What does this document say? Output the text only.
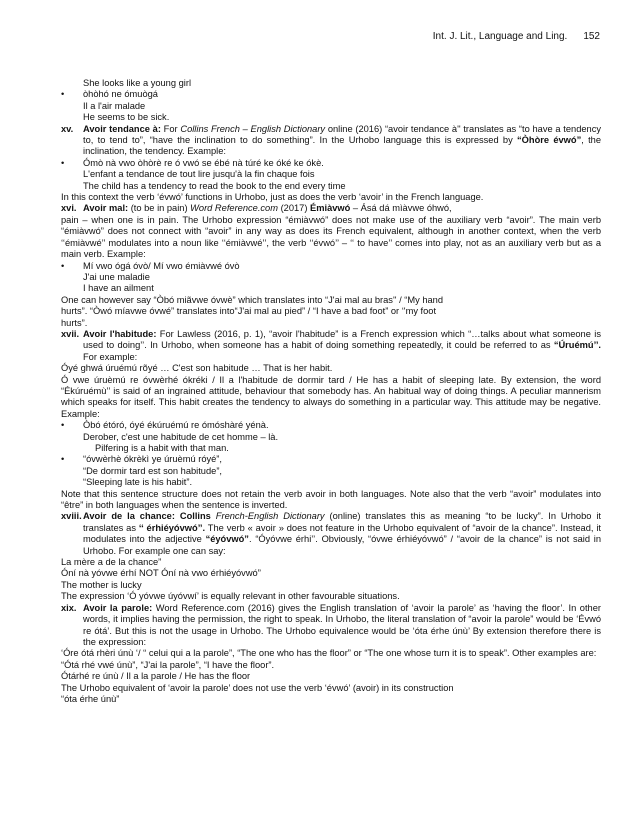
Int. J. Lit., Language and Ling. 152

She looks like a young girl

• òhòhó ne ómuògá

Il a l'air malade

He seems to be sick.

xv.	Avoir tendance à: For Collins French – English Dictionary online (2016) “avoir tendance à'' translates as “to have a tendency to, to tend to”, “have the inclination to do something”. In the Urhobo language this is expressed by “Òhòre évwó”, the inclination, the tendency. Example:

• Ómò nà vwo òhòrè re ó vwó se ébé nà túré ke óké ke ókè.

L'enfant a tendance de tout lire jusqu'à la fin chaque fois

The child has a tendency to read the book to the end every time

In this context the verb ‘évwó’ functions in Urhobo, just as does the verb ‘avoir’ in the French language.

xvi. Avoir mal: (to be in pain) Word Reference.com (2017) Émiàvwó – Ásá dá mìàvwe óhwó,

pain – when one is in pain. The Urhobo expression “émiàvwó” does not make use of the auxiliary verb “avoir”. The main verb “émiàvwó” does not connect with “avoir” in any way as does its French equivalent, although in another context, when the verb ‘‘émiàvwé’’ modulates into a noun like ‘‘émiàvwé’’, the verb ‘‘évwó’’ – ‘‘ to have’’ comes into play, not as an auxiliary verb but as a main verb. Example:

• Mí vwo ógá óvò/ Mí vwo émiàvwé óvò

J'ai une maladie

I have an ailment

One can however say “Òbó miãvwe óvwè” which translates into “J'ai mal au bras'' / “My hand

hurts”. “Òwó míavwe óvwé” translates into“J'ai mal au pied” / “I have a bad foot” or ‘'my foot

hurts”.

xvii. Avoir l'habitude: For Lawless (2016, p. 1), “avoir l'habitude” is a French expression which “…talks about what someone is used to doing’’. In Urhobo, when someone has a habit of doing something repeatedly, it could be referred to as “Úruémú’’. For example:

Óyé ghwá úruémú rõyé … C'est son habitude … That is her habit.

Ó vwe úruèmú re óvwèrhé ókréki / Il a l'habitude de dormir tard / He has a habit of sleeping late. By extension, the word “Ékúruémù’’ is said of an ingrained attitude, behaviour that somebody has. An habitual way of doing things. A peculiar mannerism which speaks for itself. This habit creates the tendency to always do something in a particular way. This attitude may be negative. Example:

• Òbó étóró, óyé ékúruémú re ómóshàré yénà.

Derober, c'est une habitude de cet homme – là.

Pilfering is a habit with that man.

• “óvwèrhè ókrèkì ye úruèmú róyé”,

“De dormir tard est son habitude”,

“Sleeping late is his habit”.

Note that this sentence structure does not retain the verb avoir in both languages. Note also that the verb “avoir” modulates into “être” in both languages when the sentence is inverted.

xviii. Avoir de la chance: Collins French-English Dictionary (online) translates this as meaning “to be lucky”. In Urhobo it translates as ‘‘ érhiéyóvwó’’. The verb « avoir » does not feature in the Urhobo equivalent of “avoir de la chance”. Instead, it modulates into the adjective “éyóvwó”. “Óyóvwe érhi’’. Obviously, “óvwe érhiéyóvwó” / “avoir de la chance” is not said in Urhobo. For example one can say:

La mère a de la chance”

Óní nà yóvwe érhí NOT Óní nà vwo érhiéyóvwó”

The mother is lucky

The expression ‘Ó yóvwe úyóvwí’ is equally relevant in other favourable situations.

xix. Avoir la parole: Word Reference.com (2016) gives the English translation of ‘avoir la parole’ as ‘having the floor’. In other words, it implies having the permission, the right to speak. In Urhobo, the literal translation of “avoir la parole” would be ‘Évwó re ótá’. But this is not the usage in Urhobo. The Urhobo equivalence would be ‘óta érhe únù’ By extension therefore there is the expression:

‘Óre ótá rhèri únù ‘/ “ celui qui a la parole”, “The one who has the floor” or “The one whose turn it is to speak”. Other examples are:

“Ótá rhé vwé únù”, “J'ai la parole”, “I have the floor”.

Ótárhé re únù / Il a la parole / He has the floor

The Urhobo equivalent of ‘avoir la parole’ does not use the verb ‘évwó’ (avoir) in its construction

“óta érhe únù”
